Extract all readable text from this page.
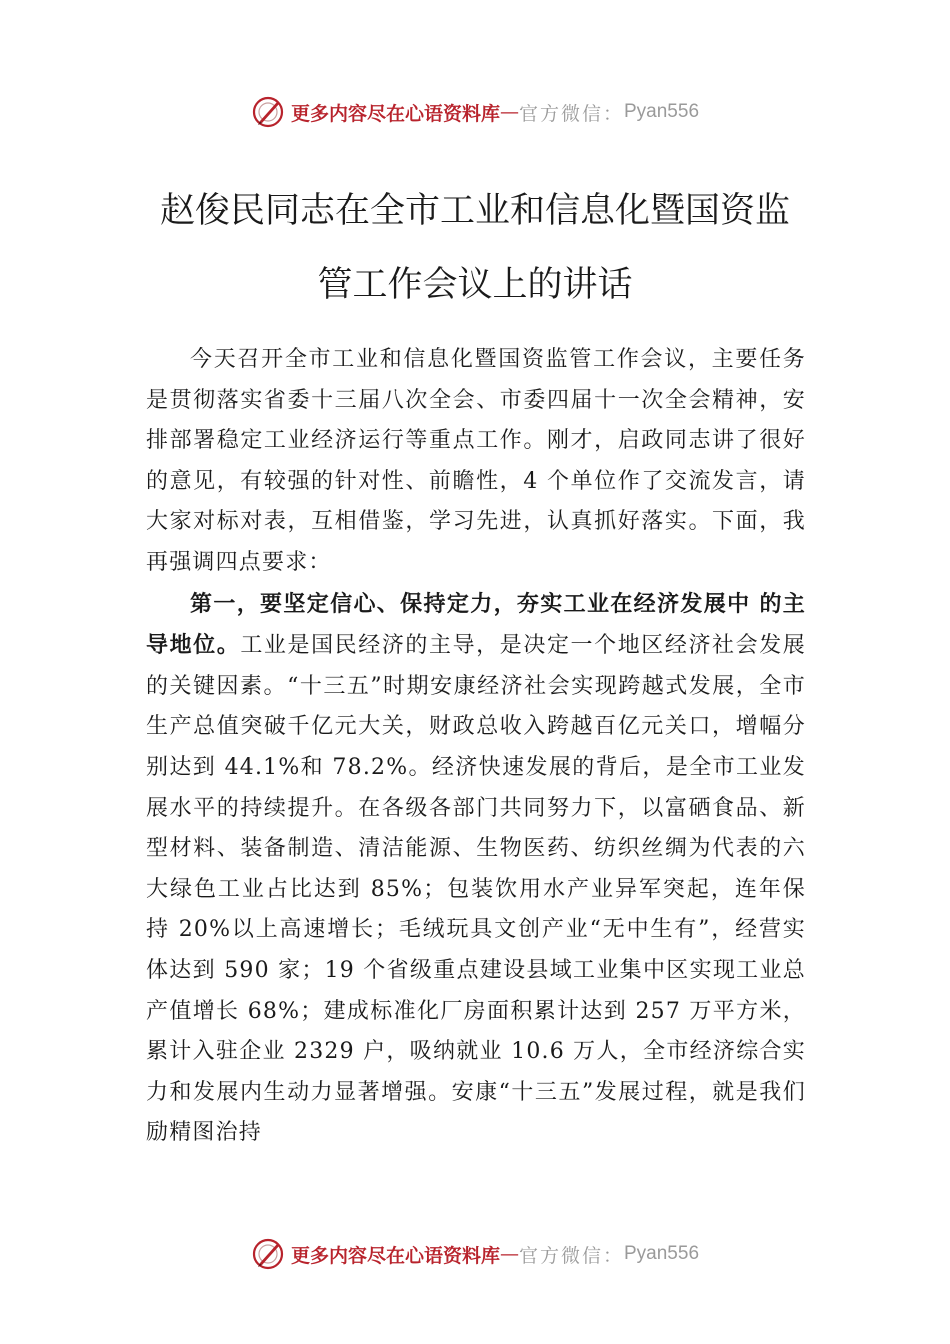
更多内容尽在心语资料库 — 官方微信： Pyan556
赵俊民同志在全市工业和信息化暨国资监
管工作会议上的讲话

今天召开全市工业和信息化暨国资监管工作会议，主要任务是贯彻落实省委十三届八次全会、市委四届十一次全会精神，安排部署稳定工业经济运行等重点工作。刚才，启政同志讲了很好的意见，有较强的针对性、前瞻性，4 个单位作了交流发言，请大家对标对表，互相借鉴，学习先进，认真抓好落实。下面，我再强调四点要求：

第一，要坚定信心、保持定力，夯实工业在经济发展中 的主导地位。工业是国民经济的主导，是决定一个地区经济社会发展的关键因素。“十三五”时期安康经济社会实现跨越式发展，全市生产总值突破千亿元大关，财政总收入跨越百亿元关口，增幅分别达到 44.1%和 78.2%。经济快速发展的背后，是全市工业发展水平的持续提升。在各级各部门共同努力下，以富硒食品、新型材料、装备制造、清洁能源、生物医药、纺织丝绸为代表的六大绿色工业占比达到 85%；包装饮用水产业异军突起，连年保持 20%以上高速增长；毛绒玩具文创产业“无中生有”，经营实体达到 590 家；19 个省级重点建设县域工业集中区实现工业总产值增长 68%；建成标准化厂房面积累计达到 257 万平方米，累计入驻企业 2329 户，吸纳就业 10.6 万人，全市经济综合实力和发展内生动力显著增强。安康“十三五”发展过程，就是我们励精图治持

更多内容尽在心语资料库 — 官方微信： Pyan556
